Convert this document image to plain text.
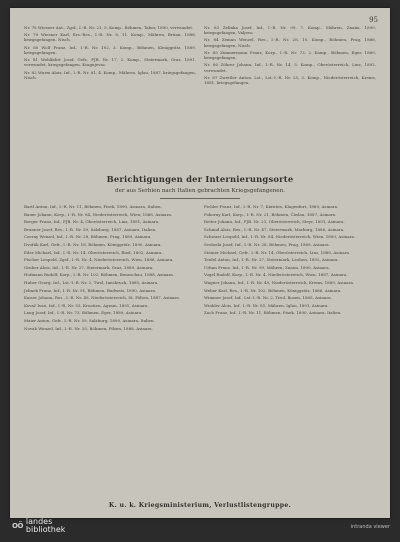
95
Nr. 78 Wiesner Ant., Zgsf., I.-R. Nr. 21, 5. Komp., Böhmen, Tabor, 1890, verwundet.
Nr. 79 Wiesner Karl, Ers.-Res., I.-R. Nr. 8, 11. Komp., Mähren, Brünn, 1888, kriegsgefangen, Nisch.
Nr. 80 Wolf Franz, Inf., I.-R. Nr. 102, 3. Komp., Böhmen, Königgrätz, 1889, kriegsgefangen.
Nr. 81 Wohlfahrt Josef, Gefr., FJB. Nr. 17, 2. Komp., Steiermark, Graz, 1891, verwundet, kriegsgefangen, Kragujevac.
Nr. 82 Wurm Alois, Inf., I.-R. Nr. 81, 4. Komp., Mähren, Iglau, 1887, kriegsgefangen, Nisch.
Nr. 83 Zelinka Josef, Inf., I.-R. Nr. 99, 7. Komp., Mähren, Znaim, 1890, kriegsgefangen, Valjevo.
Nr. 84 Zeman Wenzel, Res., I.-R. Nr. 28, 10. Komp., Böhmen, Prag, 1886, kriegsgefangen, Nisch.
Nr. 85 Zimmermann Franz, Korp., I.-R. Nr. 73, 2. Komp., Böhmen, Eger, 1889, kriegsgefangen.
Nr. 86 Zöhrer Johann, Inf., I.-R. Nr. 14, 5. Komp., Oberösterreich, Linz, 1892, verwundet.
Nr. 87 Zwettler Anton, Lst., Lst.-I.-R. Nr. 25, 3. Komp., Niederösterreich, Krems, 1881, kriegsgefangen.
Berichtigungen der Internierungsorte
der aus Serbien nach Italien gebrachten Kriegsgefangenen.
Bartl Anton, Inf., I.-R. Nr. 11, Böhmen, Pisek, 1890, Asinara, Italien.
Bauer Johann, Korp., I.-R. Nr. 84, Niederösterreich, Wien, 1888, Asinara.
Berger Franz, Inf., FJB. Nr. 4, Oberösterreich, Linz, 1891, Asinara.
Brunner Josef, Res., I.-R. Nr. 59, Salzburg, 1887, Asinara, Italien.
Czerny Wenzel, Inf., I.-R. Nr. 28, Böhmen, Prag, 1889, Asinara.
Dvořák Karl, Gefr., I.-R. Nr. 18, Böhmen, Königgrätz, 1890, Asinara.
Eder Michael, Inf., I.-R. Nr. 14, Oberösterreich, Ried, 1892, Asinara.
Fischer Leopold, Zgsf., I.-R. Nr. 4, Niederösterreich, Wien, 1886, Asinara.
Gruber Alois, Inf., I.-R. Nr. 27, Steiermark, Graz, 1889, Asinara.
Hofmann Rudolf, Korp., I.-R. Nr. 102, Böhmen, Beneschau, 1888, Asinara.
Huber Georg, Inf., Lst.-I.-R. Nr. 2, Tirol, Innsbruck, 1885, Asinara.
Jelinek Franz, Inf., I.-R. Nr. 91, Böhmen, Budweis, 1890, Asinara.
Kaiser Johann, Res., I.-R. Nr. 49, Niederösterreich, St. Pölten, 1887, Asinara.
Kovač Ivan, Inf., I.-R. Nr. 53, Kroatien, Agram, 1891, Asinara.
Lang Josef, Inf., I.-R. Nr. 73, Böhmen, Eger, 1889, Asinara.
Maier Anton, Gefr., I.-R. Nr. 59, Salzburg, 1890, Asinara, Italien.
Novak Wenzel, Inf., I.-R. Nr. 35, Böhmen, Pilsen, 1888, Asinara.
Pichler Franz, Inf., I.-R. Nr. 7, Kärnten, Klagenfurt, 1889, Asinara.
Pokorny Karl, Korp., I.-R. Nr. 21, Böhmen, Čáslau, 1887, Asinara.
Reiter Johann, Inf., FJB. Nr. 21, Oberösterreich, Steyr, 1891, Asinara.
Schmid Alois, Res., I.-R. Nr. 47, Steiermark, Marburg, 1886, Asinara.
Schwarz Leopold, Inf., I.-R. Nr. 84, Niederösterreich, Wien, 1890, Asinara.
Svoboda Josef, Inf., I.-R. Nr. 28, Böhmen, Prag, 1889, Asinara.
Steiner Michael, Gefr., I.-R. Nr. 14, Oberösterreich, Linz, 1888, Asinara.
Teufel Anton, Inf., I.-R. Nr. 27, Steiermark, Leoben, 1892, Asinara.
Urban Franz, Inf., I.-R. Nr. 99, Mähren, Znaim, 1890, Asinara.
Vogel Rudolf, Korp., I.-R. Nr. 4, Niederösterreich, Wien, 1887, Asinara.
Wagner Johann, Inf., I.-R. Nr. 49, Niederösterreich, Krems, 1889, Asinara.
Weber Karl, Res., I.-R. Nr. 102, Böhmen, Königgrätz, 1886, Asinara.
Wimmer Josef, Inf., Lst.-I.-R. Nr. 2, Tirol, Bozen, 1885, Asinara.
Winkler Alois, Inf., I.-R. Nr. 81, Mähren, Iglau, 1891, Asinara.
Zach Franz, Inf., I.-R. Nr. 11, Böhmen, Pisek, 1890, Asinara, Italien.
K. u. k. Kriegsministerium, Verlustlistengruppe.
OÖ landes
bibliothek	intranda viewer
